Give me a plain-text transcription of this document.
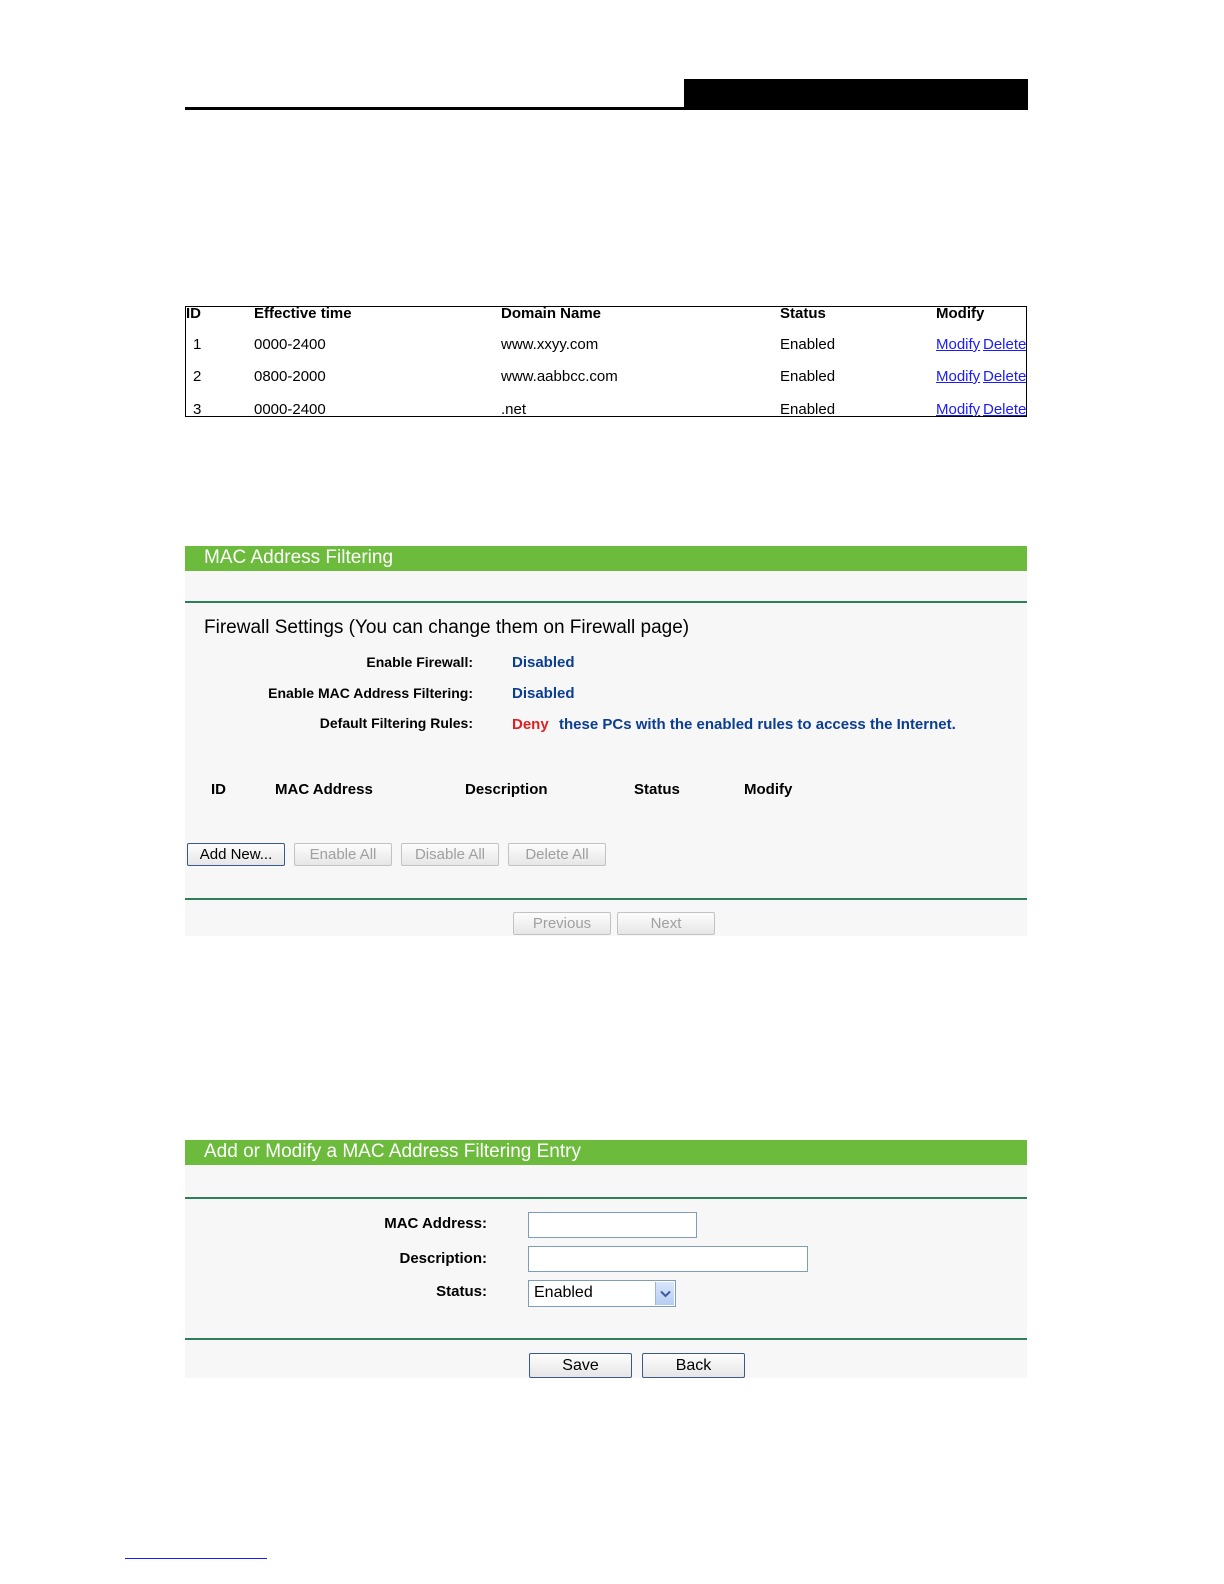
ID	Effective time	Domain Name	Status	Modify
1	0000-2400	www.xxyy.com	Enabled	Modify Delete
2	0800-2000	www.aabbcc.com	Enabled	Modify Delete
3	0000-2400	.net	Enabled	Modify Delete
MAC Address Filtering
Firewall Settings (You can change them on Firewall page)
Enable Firewall:	Disabled
Enable MAC Address Filtering:	Disabled
Default Filtering Rules:	Deny these PCs with the enabled rules to access the Internet.
ID	MAC Address	Description	Status	Modify
Add New...	Enable All	Disable All	Delete All
Previous	Next
Add or Modify a MAC Address Filtering Entry
MAC Address:
Description:
Status:	Enabled
Save	Back
